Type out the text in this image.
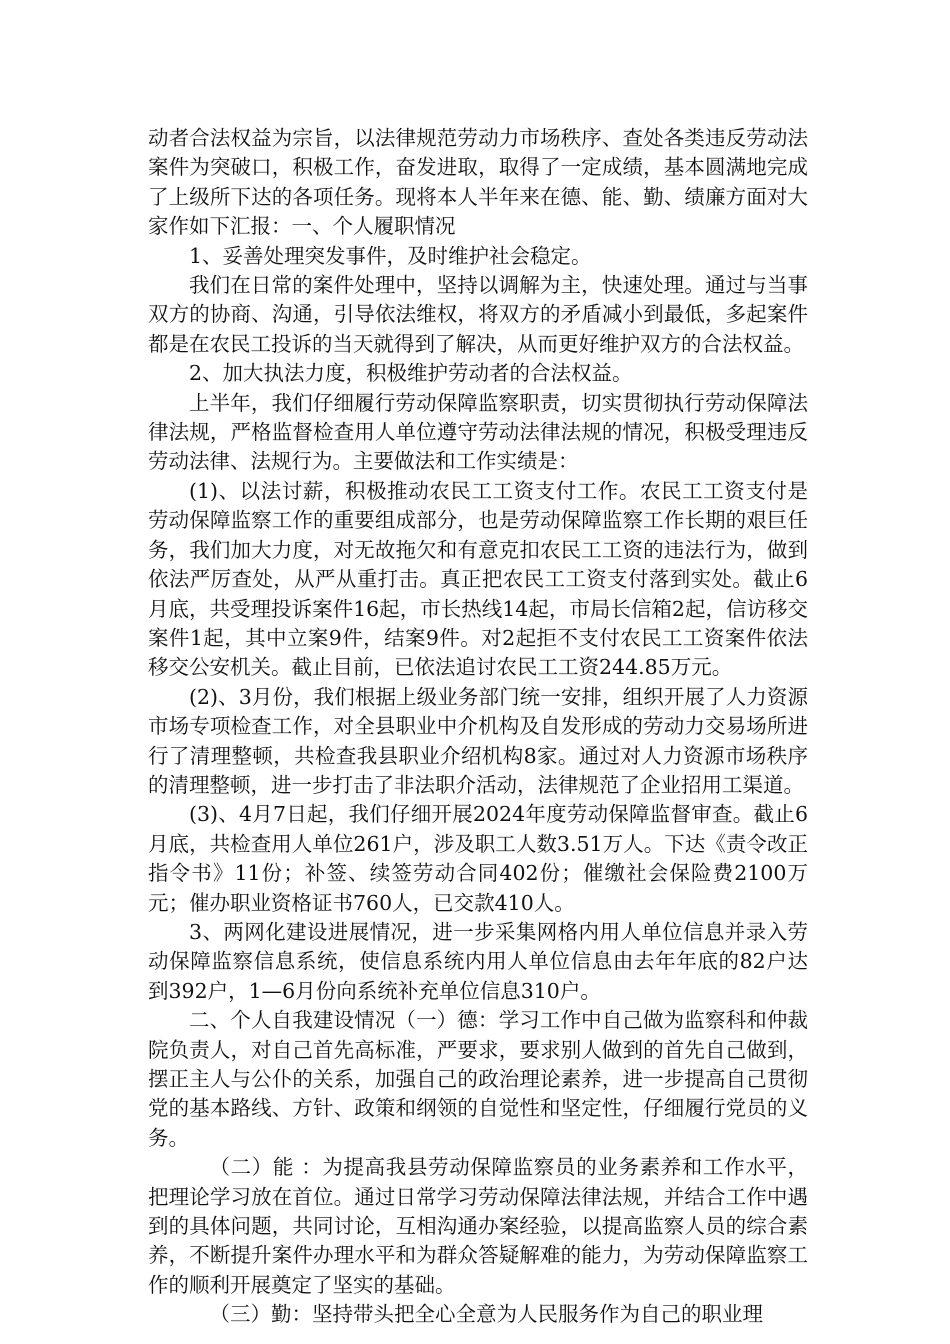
动者合法权益为宗旨，以法律规范劳动力市场秩序、查处各类违反劳动法案件为突破口，积极工作，奋发进取，取得了一定成绩，基本圆满地完成了上级所下达的各项任务。现将本人半年来在德、能、勤、绩廉方面对大家作如下汇报：一、个人履职情况

1、妥善处理突发事件，及时维护社会稳定。

我们在日常的案件处理中，坚持以调解为主，快速处理。通过与当事双方的协商、沟通，引导依法维权，将双方的矛盾减小到最低，多起案件都是在农民工投诉的当天就得到了解决，从而更好维护双方的合法权益。

2、加大执法力度，积极维护劳动者的合法权益。

上半年，我们仔细履行劳动保障监察职责，切实贯彻执行劳动保障法律法规，严格监督检查用人单位遵守劳动法律法规的情况，积极受理违反劳动法律、法规行为。主要做法和工作实绩是：

(1)、以法讨薪，积极推动农民工工资支付工作。农民工工资支付是劳动保障监察工作的重要组成部分，也是劳动保障监察工作长期的艰巨任务，我们加大力度，对无故拖欠和有意克扣农民工工资的违法行为，做到依法严厉查处，从严从重打击。真正把农民工工资支付落到实处。截止6月底，共受理投诉案件16起，市长热线14起，市局长信箱2起，信访移交案件1起，其中立案9件，结案9件。对2起拒不支付农民工工资案件依法移交公安机关。截止目前，已依法追讨农民工工资244.85万元。

(2)、3月份，我们根据上级业务部门统一安排，组织开展了人力资源市场专项检查工作，对全县职业中介机构及自发形成的劳动力交易场所进行了清理整顿，共检查我县职业介绍机构8家。通过对人力资源市场秩序的清理整顿，进一步打击了非法职介活动，法律规范了企业招用工渠道。

(3)、4月7日起，我们仔细开展2024年度劳动保障监督审查。截止6月底，共检查用人单位261户，涉及职工人数3.51万人。下达《责令改正指令书》11份；补签、续签劳动合同402份；催缴社会保险费2100万元；催办职业资格证书760人，已交款410人。

3、两网化建设进展情况，进一步采集网格内用人单位信息并录入劳动保障监察信息系统，使信息系统内用人单位信息由去年年底的82户达到392户，1—6月份向系统补充单位信息310户。

二、个人自我建设情况（一）德：学习工作中自己做为监察科和仲裁院负责人，对自己首先高标准，严要求，要求别人做到的首先自己做到，摆正主人与公仆的关系，加强自己的政治理论素养，进一步提高自己贯彻党的基本路线、方针、政策和纲领的自觉性和坚定性，仔细履行党员的义务。

（二）能 ：为提高我县劳动保障监察员的业务素养和工作水平，把理论学习放在首位。通过日常学习劳动保障法律法规，并结合工作中遇到的具体问题，共同讨论，互相沟通办案经验，以提高监察人员的综合素养，不断提升案件办理水平和为群众答疑解难的能力，为劳动保障监察工作的顺利开展奠定了坚实的基础。

（三）勤：坚持带头把全心全意为人民服务作为自己的职业理
